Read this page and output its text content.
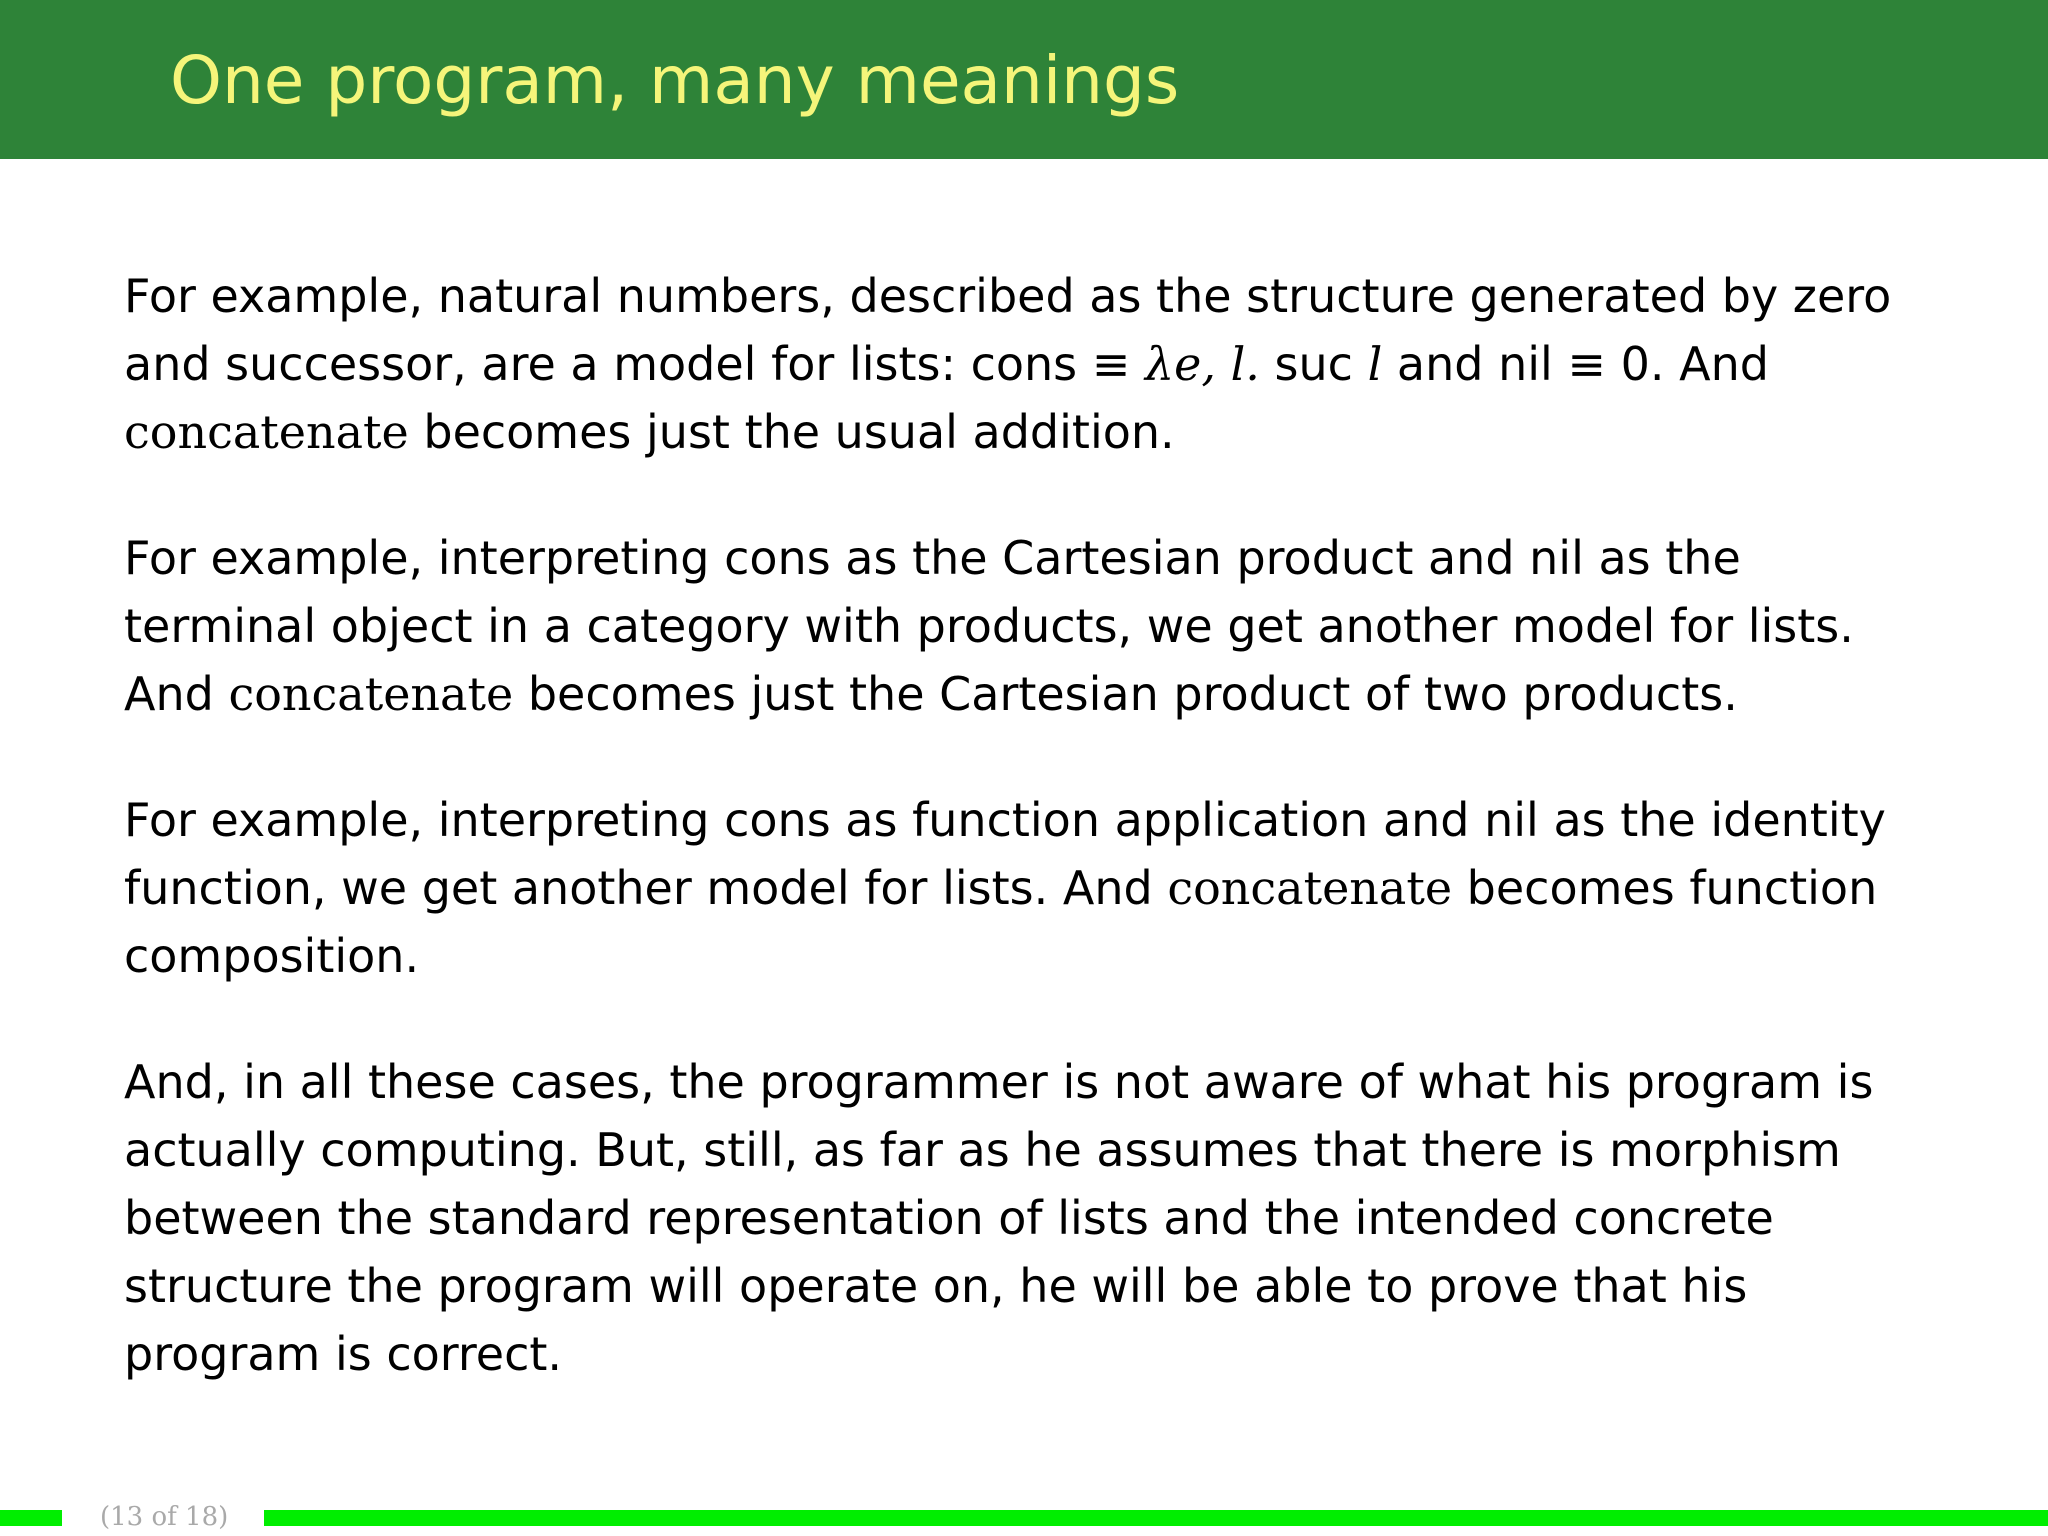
One program, many meanings

For example, natural numbers, described as the structure generated by zero
and successor, are a model for lists: cons ≡ λe, l. suc l and nil ≡ 0. And
concatenate becomes just the usual addition.

For example, interpreting cons as the Cartesian product and nil as the
terminal object in a category with products, we get another model for lists.
And concatenate becomes just the Cartesian product of two products.

For example, interpreting cons as function application and nil as the identity
function, we get another model for lists. And concatenate becomes function
composition.

And, in all these cases, the programmer is not aware of what his program is
actually computing. But, still, as far as he assumes that there is morphism
between the standard representation of lists and the intended concrete
structure the program will operate on, he will be able to prove that his
program is correct.

(13 of 18)
